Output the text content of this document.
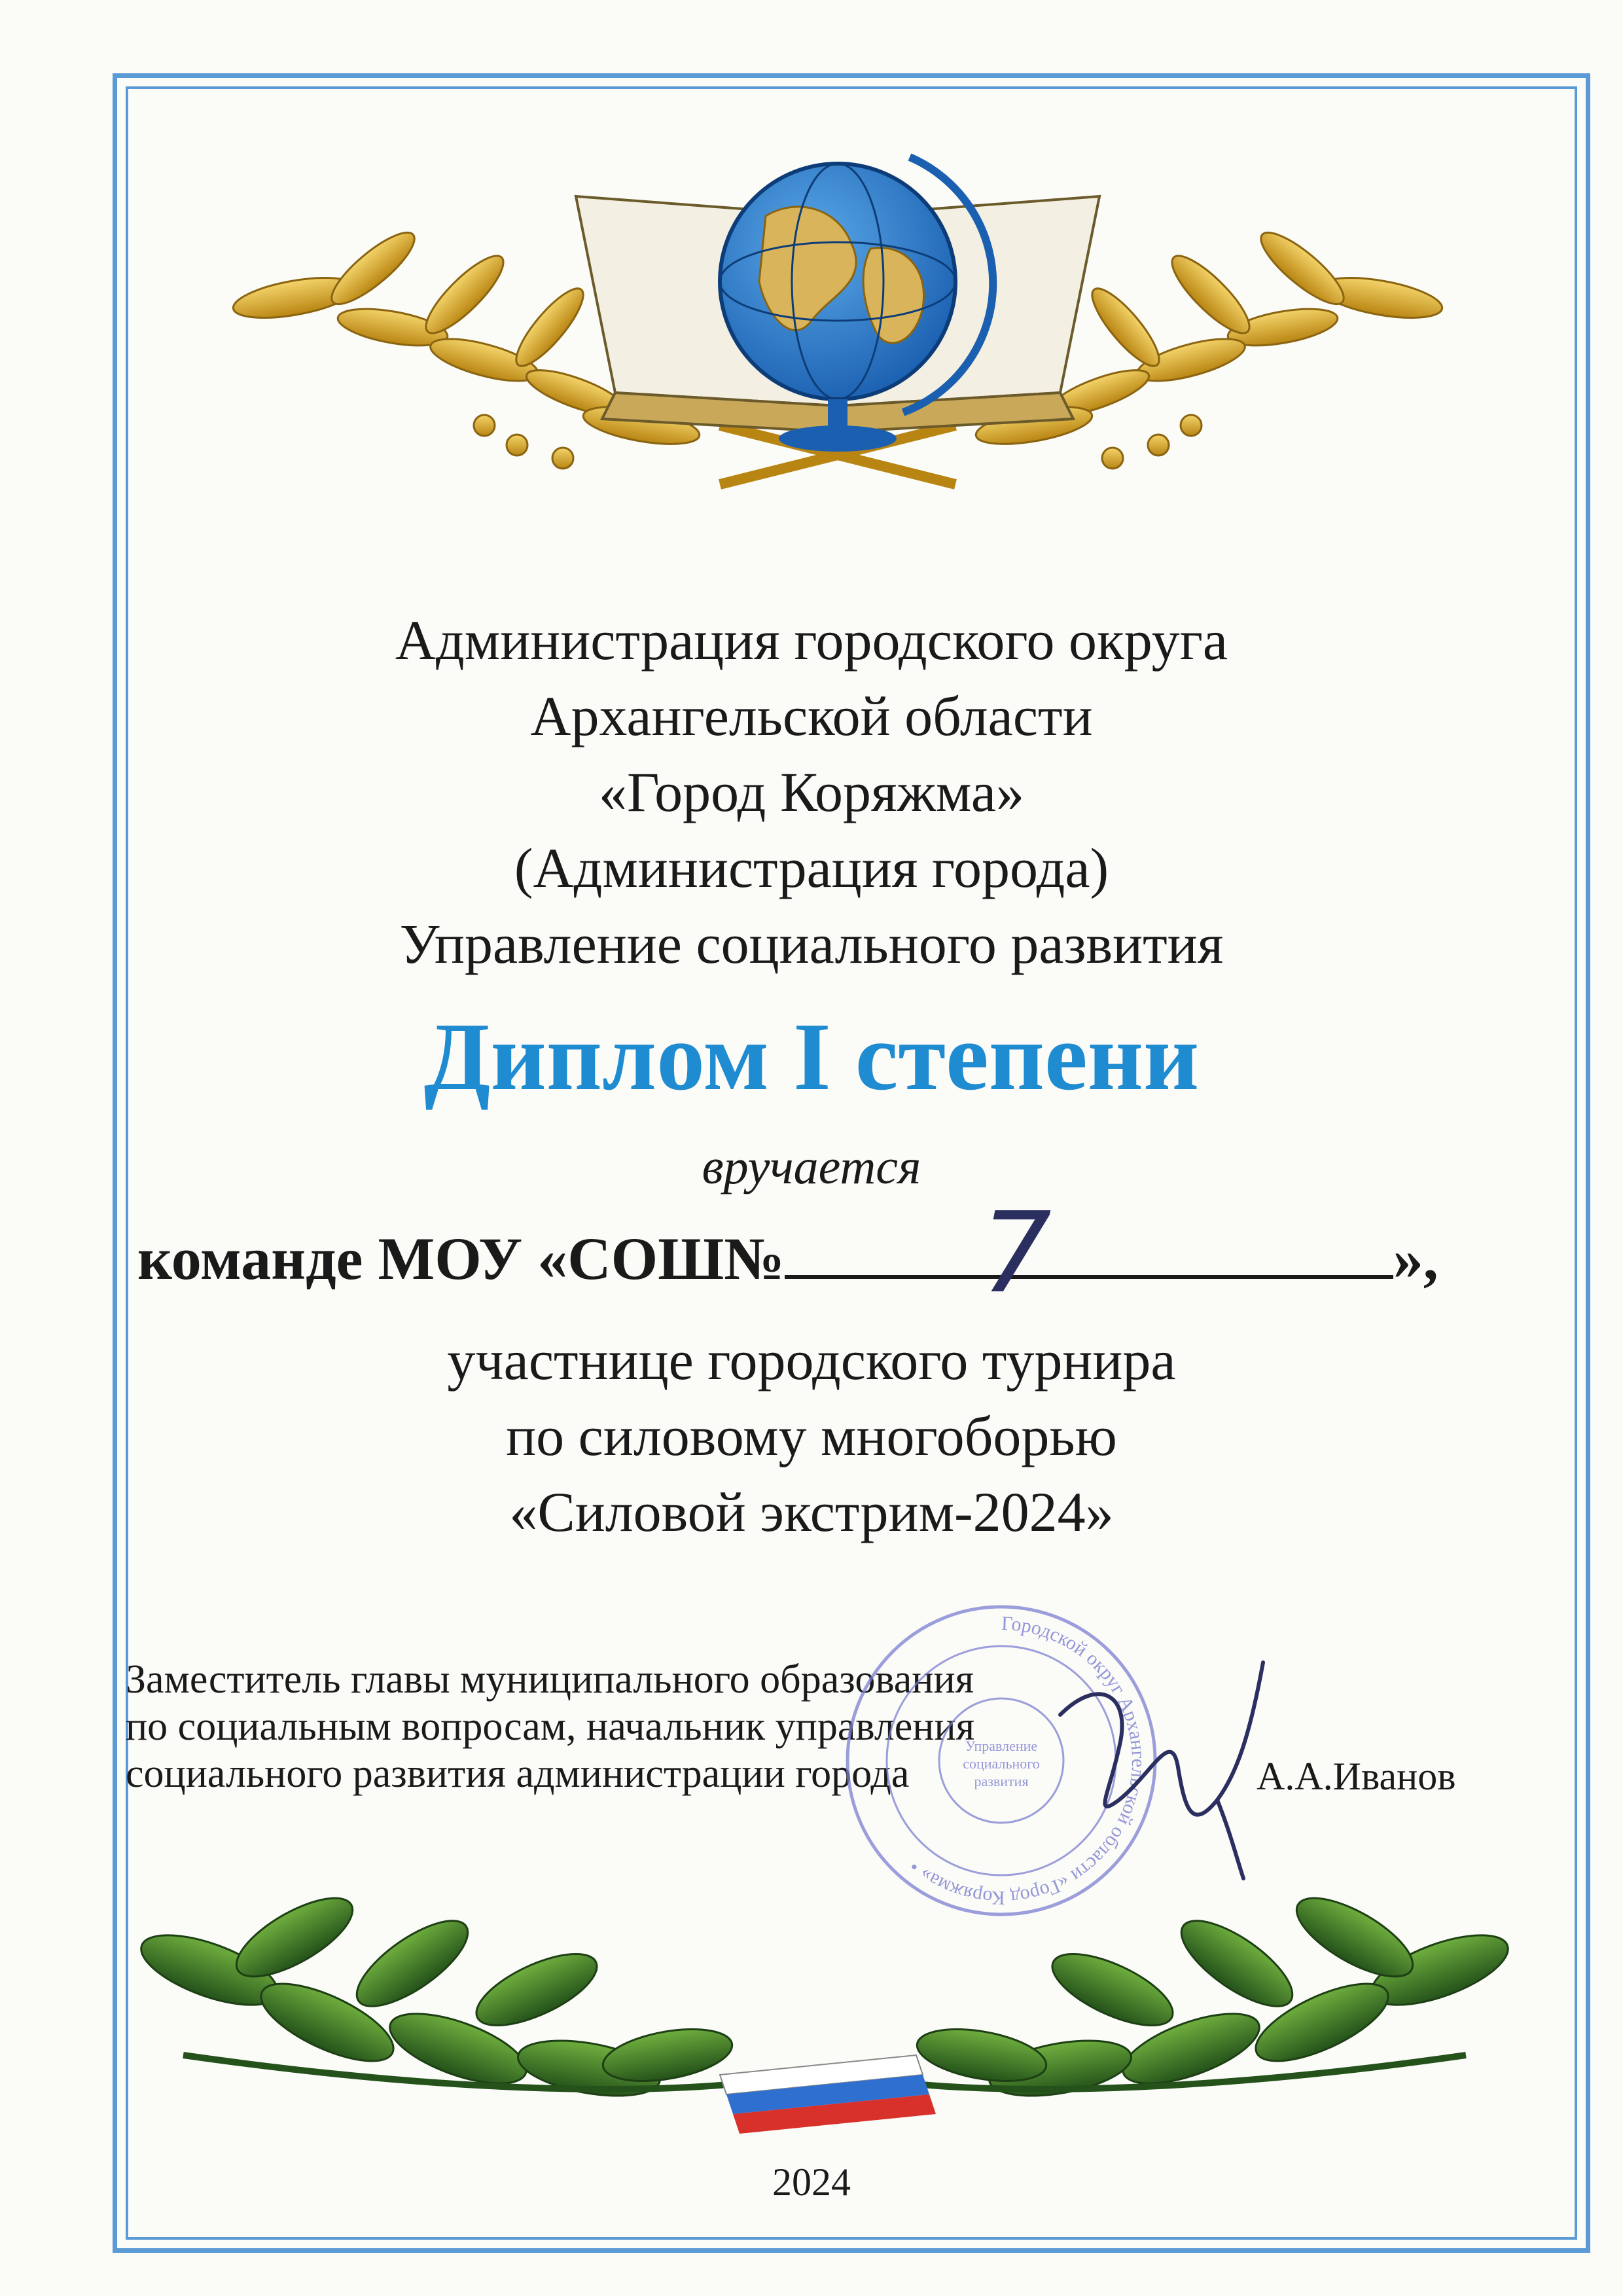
Администрация городского округа
Архангельской области
«Город Коряжма»
(Администрация города)
Управление социального развития
Диплом I степени
вручается
команде МОУ «СОШ№ 7	»,
участнице городского турнира
по силовому многоборью
«Силовой экстрим-2024»
Заместитель главы муниципального образования
по социальным вопросам, начальник управления
социального развития администрации города
Городской округ Архангельской области «Город Коряжма» •
Управление
социального
развития	А.А.Иванов
2024
